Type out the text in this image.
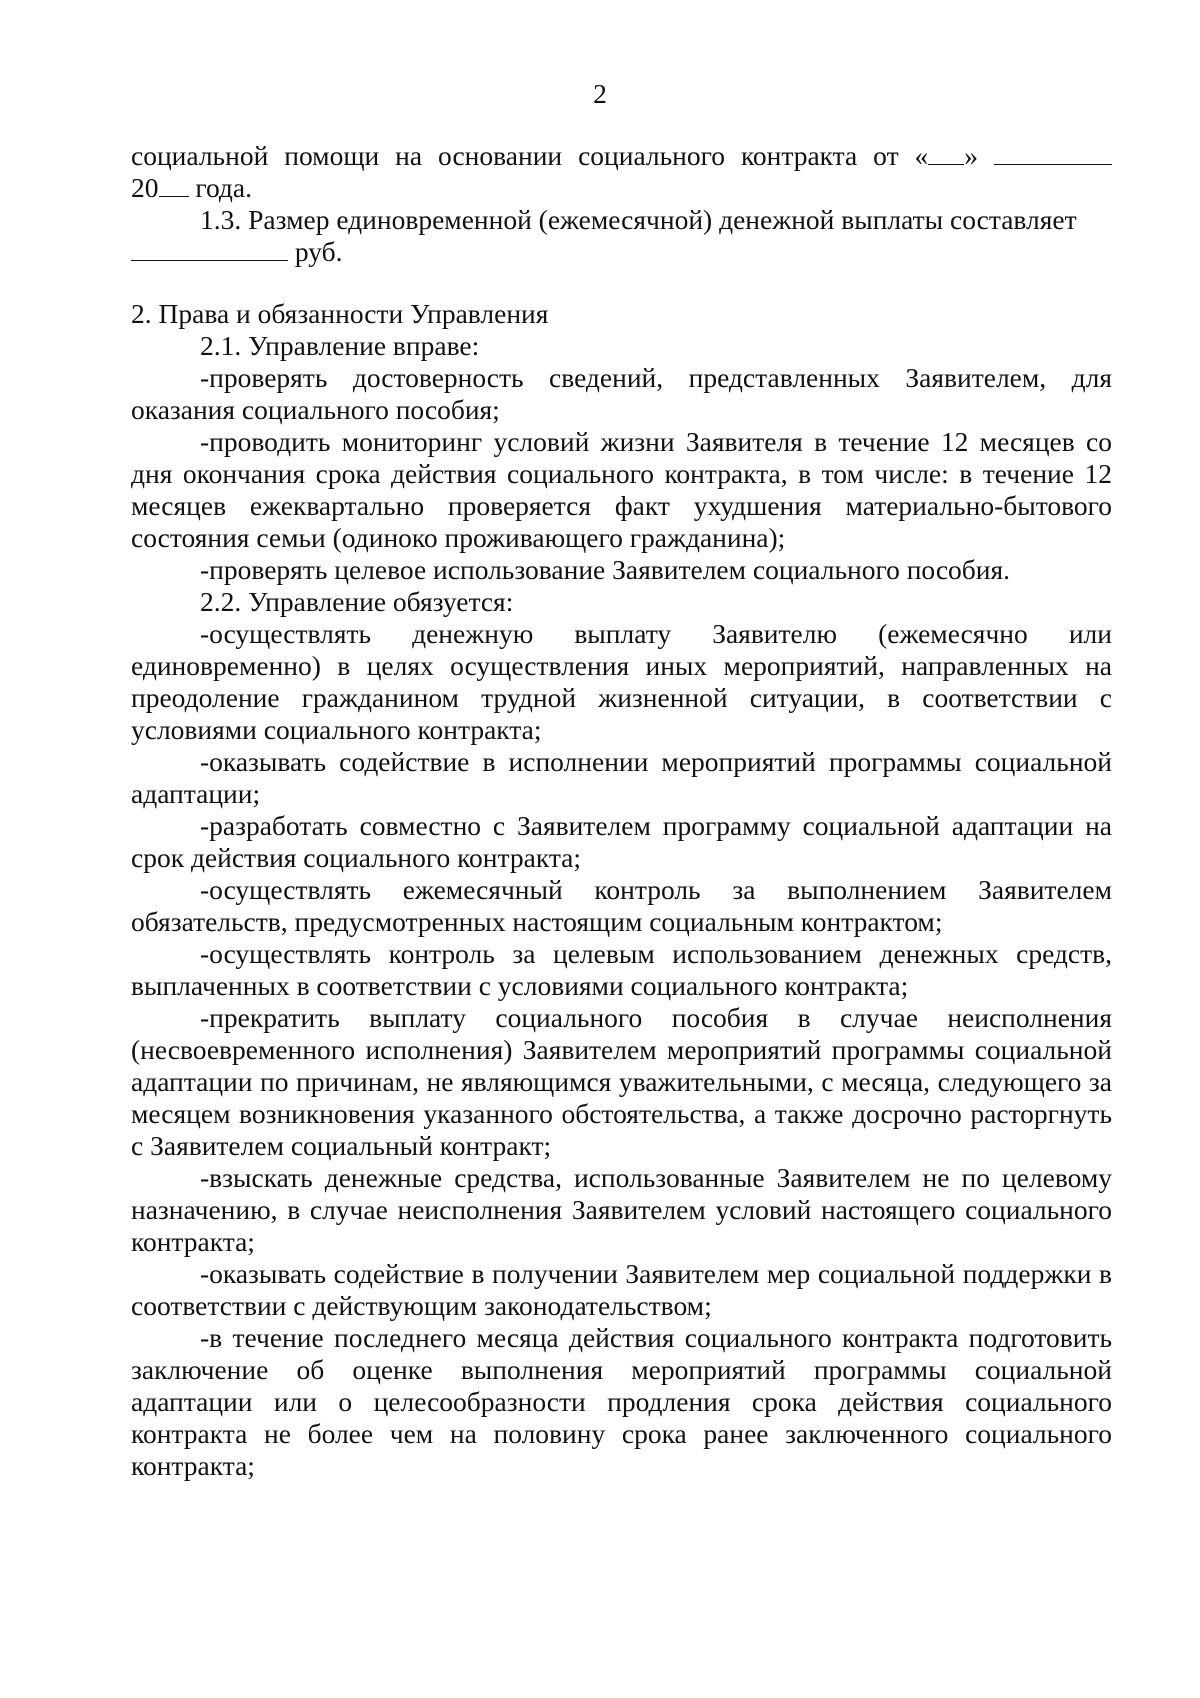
2

социальной помощи на основании социального контракта от « »

20 года.

1.3. Размер единовременной (ежемесячной) денежной выплаты составляет
руб.

2. Права и обязанности Управления

2.1. Управление вправе:

-проверять достоверность сведений, представленных Заявителем, для оказания социального пособия;

-проводить мониторинг условий жизни Заявителя в течение 12 месяцев со дня окончания срока действия социального контракта, в том числе: в течение 12 месяцев ежеквартально проверяется факт ухудшения материально-бытового состояния семьи (одиноко проживающего гражданина);

-проверять целевое использование Заявителем социального пособия.

2.2. Управление обязуется:

-осуществлять денежную выплату Заявителю (ежемесячно или единовременно) в целях осуществления иных мероприятий, направленных на преодоление гражданином трудной жизненной ситуации, в соответствии с условиями социального контракта;

-оказывать содействие в исполнении мероприятий программы социальной адаптации;

-разработать совместно с Заявителем программу социальной адаптации на срок действия социального контракта;

-осуществлять ежемесячный контроль за выполнением Заявителем обязательств, предусмотренных настоящим социальным контрактом;

-осуществлять контроль за целевым использованием денежных средств, выплаченных в соответствии с условиями социального контракта;

-прекратить выплату социального пособия в случае неисполнения (несвоевременного исполнения) Заявителем мероприятий программы социальной адаптации по причинам, не являющимся уважительными, с месяца, следующего за месяцем возникновения указанного обстоятельства, а также досрочно расторгнуть с Заявителем социальный контракт;

-взыскать денежные средства, использованные Заявителем не по целевому назначению, в случае неисполнения Заявителем условий настоящего социального контракта;

-оказывать содействие в получении Заявителем мер социальной поддержки в соответствии с действующим законодательством;

-в течение последнего месяца действия социального контракта подготовить заключение об оценке выполнения мероприятий программы социальной адаптации или о целесообразности продления срока действия социального контракта не более чем на половину срока ранее заключенного социального контракта;
